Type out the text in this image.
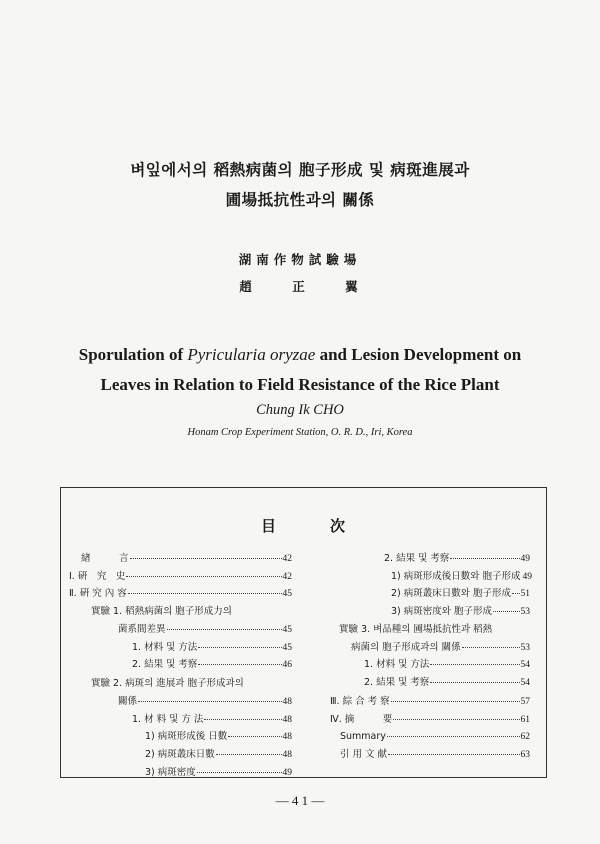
벼잎에서의 稻熱病菌의 胞子形成 및 病斑進展과
圃場抵抗性과의 關係
湖南作物試驗場
趙 正 翼
Sporulation of Pyricularia oryzae and Lesion Development on
Leaves in Relation to Field Resistance of the Rice Plant
Chung Ik CHO
Honam Crop Experiment Station, O. R. D., Iri, Korea
目	次
緖　　　言	42
Ⅰ. 硏　究　史	42
Ⅱ. 硏 究 內 容	45
實驗 1. 稻熱病菌의 胞子形成力의
菌系間差異	45
1. 材料 및 方法	45
2. 結果 및 考察	46
實驗 2. 病斑의 進展과 胞子形成과의
關係	48
1. 材 料 및 方 法	48
1) 病斑形成後 日數	48
2) 病斑叢床日數	48
3) 病斑密度	49
2. 結果 및 考察	49
1) 病斑形成後日數와 胞子形成 49
2) 病斑叢床日數와 胞子形成 51
3) 病斑密度와 胞子形成	53
實驗 3. 벼品種의 圃場抵抗性과 稻熱
病菌의 胞子形成과의 關係	53
1. 材料 및 方法	54
2. 結果 및 考察	54
Ⅲ. 綜 合 考 察	57
Ⅳ. 摘　　　要	61
Summary	62
引 用 文 献	63
— 4 1 —
